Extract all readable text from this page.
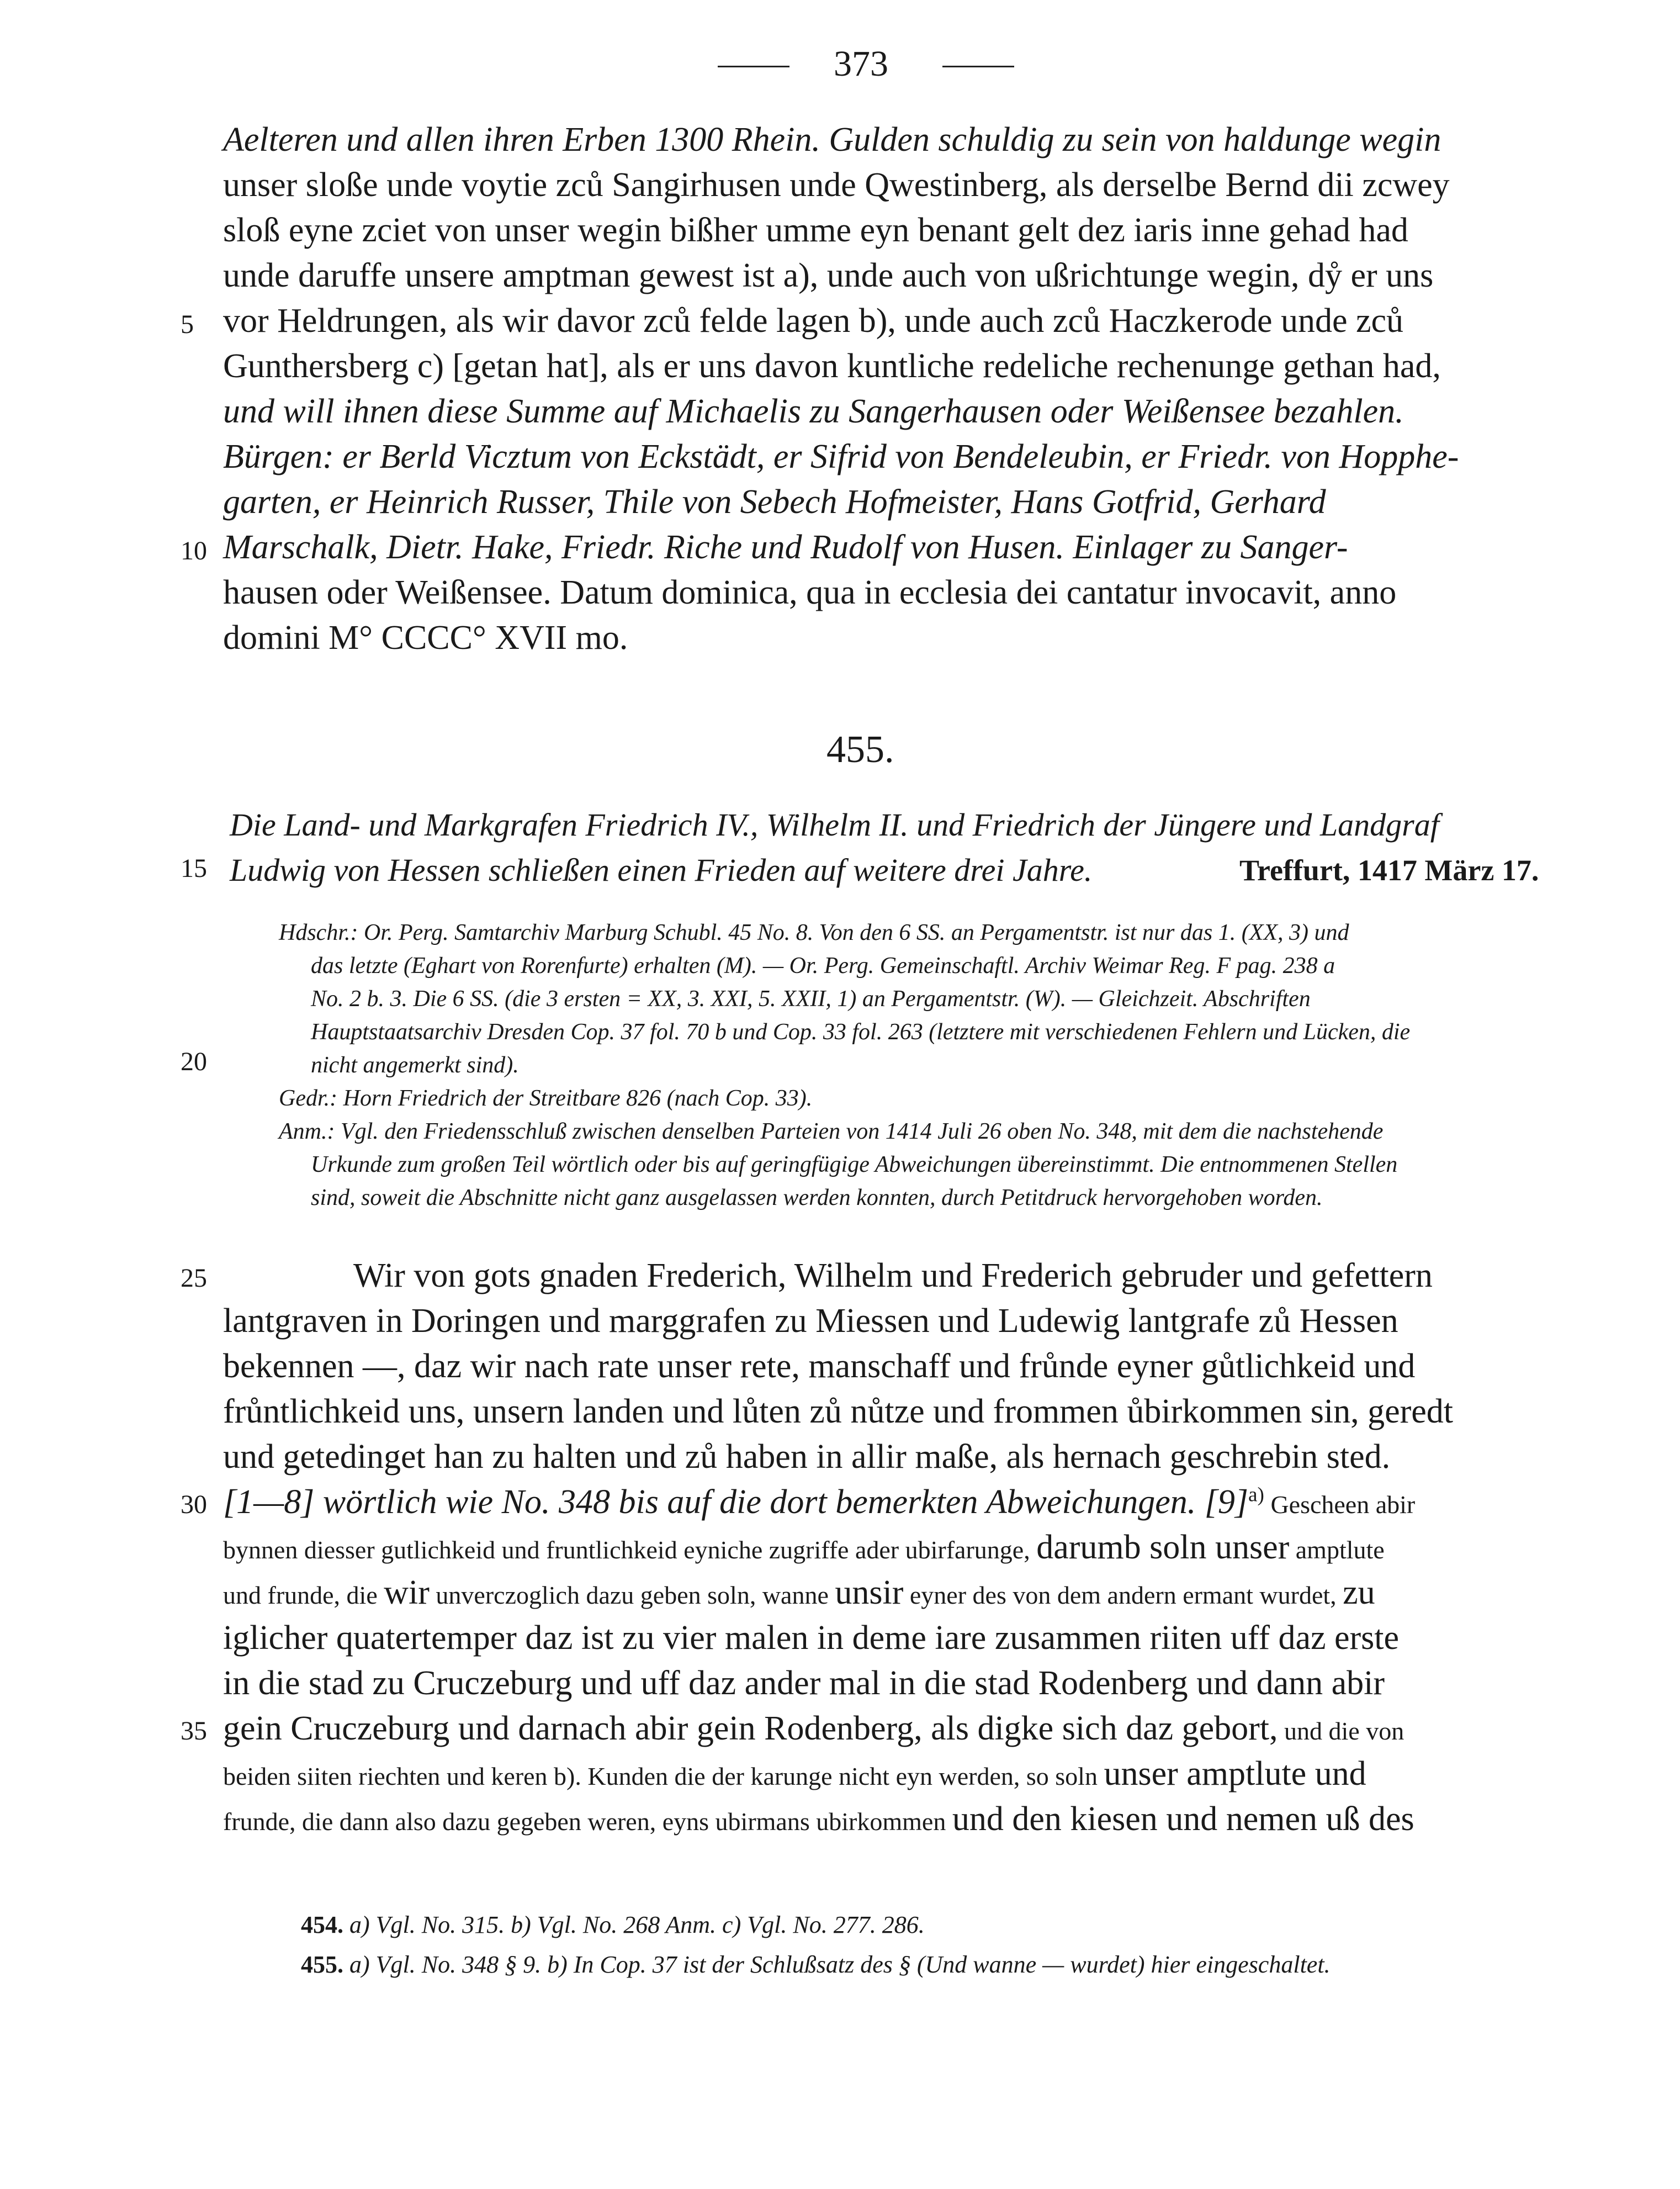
373
Aelteren und allen ihren Erben 1300 Rhein. Gulden schuldig zu sein von haldunge wegin
unser sloße unde voytie zců Sangirhusen unde Qwestinberg, als derselbe Bernd dii zcwey
sloß eyne zciet von unser wegin bißher umme eyn benant gelt dez iaris inne gehad had
unde daruffe unsere amptman gewest ist a), unde auch von ußrichtunge wegin, dẙ er uns
vor Heldrungen, als wir davor zců felde lagen b), unde auch zců Haczkerode unde zců
Gunthersberg c) [getan hat], als er uns davon kuntliche redeliche rechenunge gethan had,
und will ihnen diese Summe auf Michaelis zu Sangerhausen oder Weißensee bezahlen.
Bürgen: er Berld Vicztum von Eckstädt, er Sifrid von Bendeleubin, er Friedr. von Hopphe-
garten, er Heinrich Russer, Thile von Sebech Hofmeister, Hans Gotfrid, Gerhard
Marschalk, Dietr. Hake, Friedr. Riche und Rudolf von Husen. Einlager zu Sanger-
hausen oder Weißensee. Datum dominica, qua in ecclesia dei cantatur invocavit, anno
domini M° CCCC° XVII mo.
5
10
15
20
25
30
35
455.
Die Land- und Markgrafen Friedrich IV., Wilhelm II. und Friedrich der Jüngere und Landgraf
Ludwig von Hessen schließen einen Frieden auf weitere drei Jahre.	Treffurt, 1417 März 17.
Hdschr.: Or. Perg. Samtarchiv Marburg Schubl. 45 No. 8. Von den 6 SS. an Pergamentstr. ist nur das 1. (XX, 3) und
das letzte (Eghart von Rorenfurte) erhalten (M). — Or. Perg. Gemeinschaftl. Archiv Weimar Reg. F pag. 238 a
No. 2 b. 3. Die 6 SS. (die 3 ersten = XX, 3. XXI, 5. XXII, 1) an Pergamentstr. (W). — Gleichzeit. Abschriften
Hauptstaatsarchiv Dresden Cop. 37 fol. 70 b und Cop. 33 fol. 263 (letztere mit verschiedenen Fehlern und Lücken, die
nicht angemerkt sind).
Gedr.: Horn Friedrich der Streitbare 826 (nach Cop. 33).
Anm.: Vgl. den Friedensschluß zwischen denselben Parteien von 1414 Juli 26 oben No. 348, mit dem die nachstehende
Urkunde zum großen Teil wörtlich oder bis auf geringfügige Abweichungen übereinstimmt. Die entnommenen Stellen
sind, soweit die Abschnitte nicht ganz ausgelassen werden konnten, durch Petitdruck hervorgehoben worden.
Wir von gots gnaden Frederich, Wilhelm und Frederich gebruder und gefettern
lantgraven in Doringen und marggrafen zu Miessen und Ludewig lantgrafe zů Hessen
bekennen —, daz wir nach rate unser rete, manschaff und frůnde eyner gůtlichkeid und
frůntlichkeid uns, unsern landen und lůten zů nůtze und frommen ůbirkommen sin, geredt
und getedinget han zu halten und zů haben in allir maße, als hernach geschrebin sted.
[1—8] wörtlich wie No. 348 bis auf die dort bemerkten Abweichungen. $[9]^{a)}$ Gescheen abir
bynnen diesser gutlichkeid und fruntlichkeid eyniche zugriffe ader ubirfarunge, darumb soln unser amptlute
und frunde, die wir unverczoglich dazu geben soln, wanne unsir eyner des von dem andern ermant wurdet, zu
iglicher quatertemper daz ist zu vier malen in deme iare zusammen riiten uff daz erste
in die stad zu Cruczeburg und uff daz ander mal in die stad Rodenberg und dann abir
gein Cruczeburg und darnach abir gein Rodenberg, als digke sich daz gebort, und die von
beiden siiten riechten und keren b). Kunden die der karunge nicht eyn werden, so soln unser amptlute und
frunde, die dann also dazu gegeben weren, eyns ubirmans ubirkommen und den kiesen und nemen uß des
454. a) Vgl. No. 315. b) Vgl. No. 268 Anm. c) Vgl. No. 277. 286.
455. a) Vgl. No. 348 § 9. b) In Cop. 37 ist der Schlußsatz des § (Und wanne — wurdet) hier eingeschaltet.
